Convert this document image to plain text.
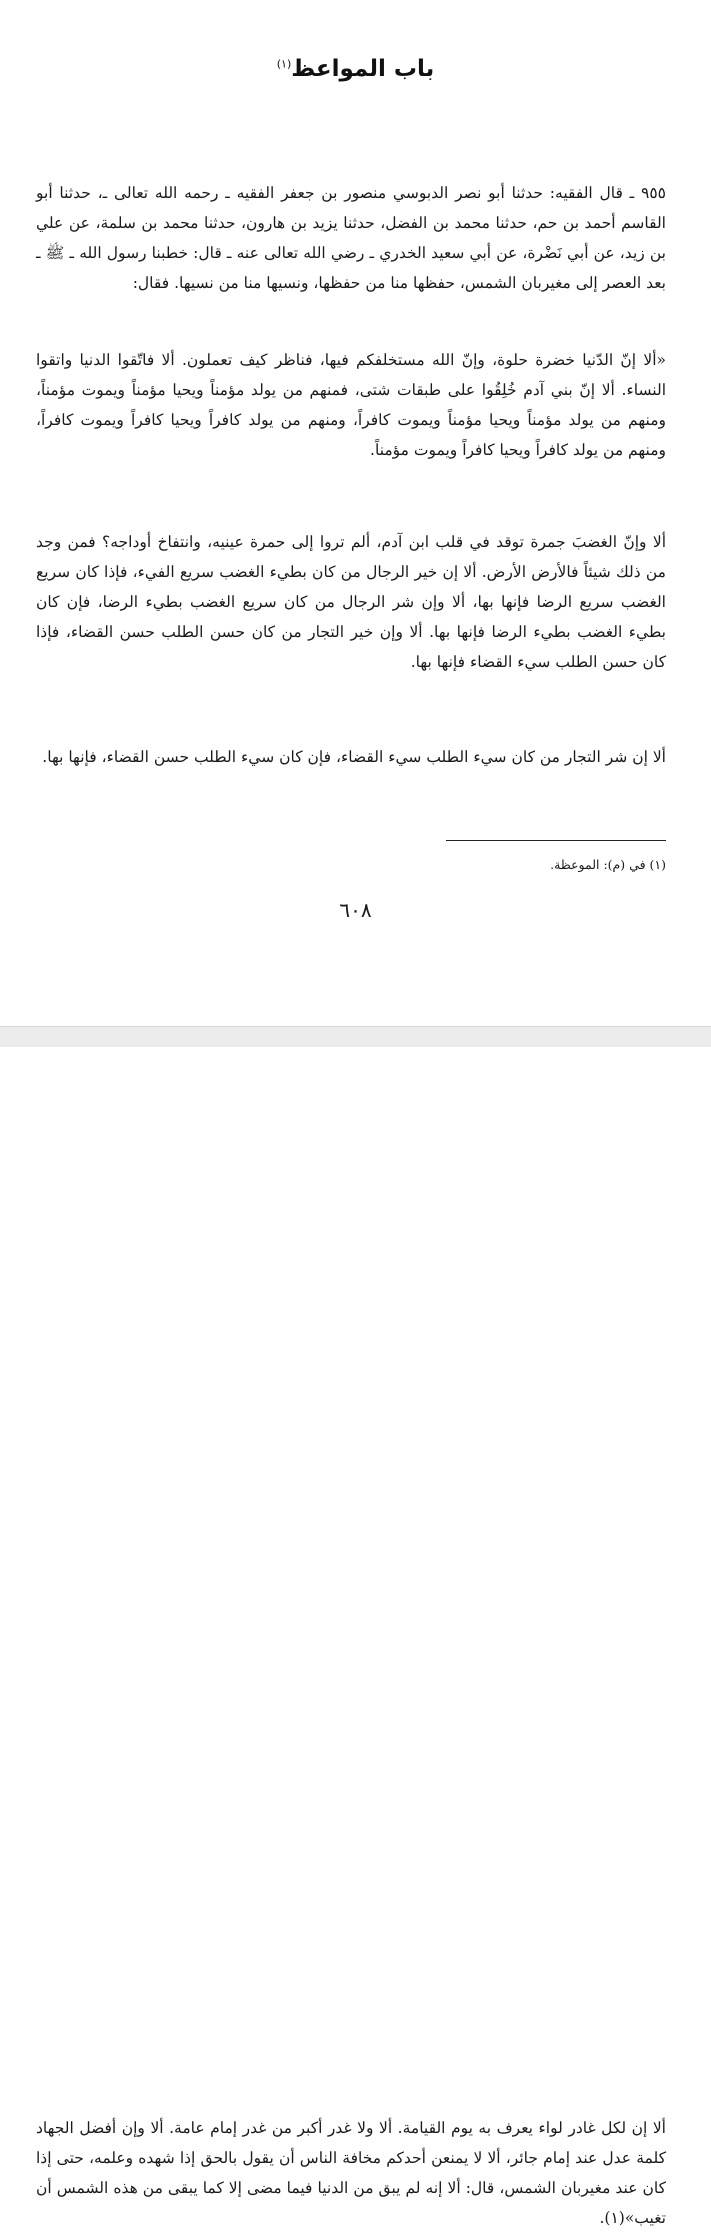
باب المواعظ$^{(١)}$

٩٥٥ ـ قال الفقيه: حدثنا أبو نصر الدبوسي منصور بن جعفر الفقيه ـ رحمه الله تعالى ـ، حدثنا أبو القاسم أحمد بن حم، حدثنا محمد بن الفضل، حدثنا يزيد بن هارون، حدثنا محمد بن سلمة، عن علي بن زيد، عن أبي نَضْرة، عن أبي سعيد الخدري ـ رضي الله تعالى عنه ـ قال: خطبنا رسول الله ـ ﷺ ـ بعد العصر إلى مغيربان الشمس، حفظها منا من حفظها، ونسيها منا من نسيها. فقال:

«ألا إنّ الدّنيا خضرة حلوة، وإنّ الله مستخلفكم فيها، فناظر كيف تعملون. ألا فاتّقوا الدنيا واتقوا النساء. ألا إنّ بني آدم خُلِقُوا على طبقات شتى، فمنهم من يولد مؤمناً ويحيا مؤمناً ويموت مؤمناً، ومنهم من يولد مؤمناً ويحيا مؤمناً ويموت كافراً، ومنهم من يولد كافراً ويحيا كافراً ويموت كافراً، ومنهم من يولد كافراً ويحيا كافراً ويموت مؤمناً.

ألا وإنّ الغضبَ جمرة توقد في قلب ابن آدم، ألم تروا إلى حمرة عينيه، وانتفاخ أوداجه؟ فمن وجد من ذلك شيئاً فالأرض الأرض. ألا إن خير الرجال من كان بطيء الغضب سريع الفيء، فإذا كان سريع الغضب سريع الرضا فإنها بها، ألا وإن شر الرجال من كان سريع الغضب بطيء الرضا، فإن كان بطيء الغضب بطيء الرضا فإنها بها. ألا وإن خير التجار من كان حسن الطلب حسن القضاء، فإذا كان حسن الطلب سيء القضاء فإنها بها.

ألا إن شر التجار من كان سيء الطلب سيء القضاء، فإن كان سيء الطلب حسن القضاء، فإنها بها.

(١) في (م): الموعظة.
٦٠٨

ألا إن لكل غادر لواء يعرف به يوم القيامة. ألا ولا غدر أكبر من غدر إمام عامة. ألا وإن أفضل الجهاد كلمة عدل عند إمام جائر، ألا لا يمنعن أحدكم مخافة الناس أن يقول بالحق إذا شهده وعلمه، حتى إذا كان عند مغيربان الشمس، قال: ألا إنه لم يبق من الدنيا فيما مضى إلا كما يبقى من هذه الشمس أن تغيب»(١).
